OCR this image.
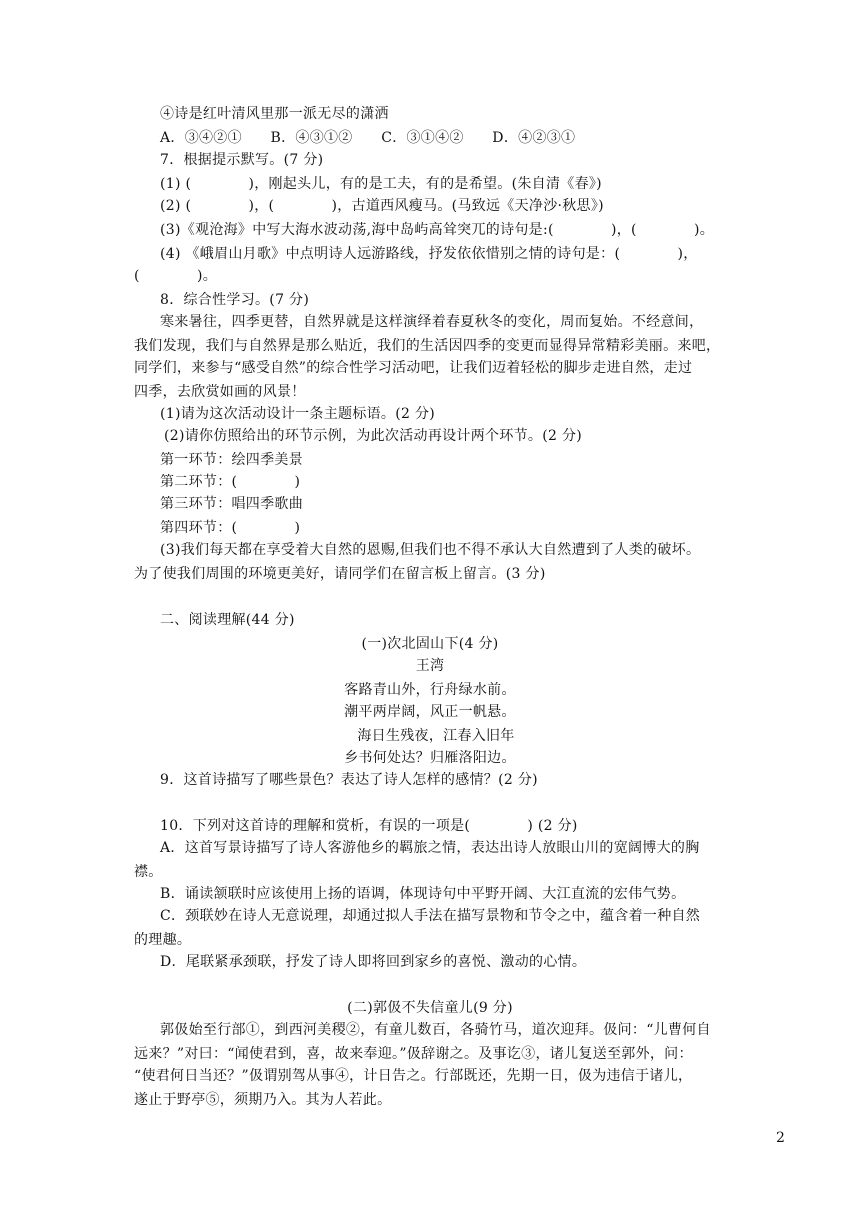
④诗是红叶清风里那一派无尽的潇洒
A．③④②①　　B．④③①②　　C．③①④②　　D．④②③①
7．根据提示默写。(7 分)
(1) (　　　　)，刚起头儿，有的是工夫，有的是希望。(朱自清《春》)
(2) (　　　　)，(　　　　)，古道西风瘦马。(马致远《天净沙·秋思》)
(3)《观沧海》中写大海水波动荡,海中岛屿高耸突兀的诗句是:(　　　　)，(　　　　)。
(4) 《峨眉山月歌》中点明诗人远游路线，抒发依依惜别之情的诗句是：(　　　　)，
(　　　　)。
8．综合性学习。(7 分)
寒来暑往，四季更替，自然界就是这样演绎着春夏秋冬的变化，周而复始。不经意间，
我们发现，我们与自然界是那么贴近，我们的生活因四季的变更而显得异常精彩美丽。来吧，
同学们，来参与“感受自然”的综合性学习活动吧，让我们迈着轻松的脚步走进自然，走过
四季，去欣赏如画的风景！
(1)请为这次活动设计一条主题标语。(2 分)
(2)请你仿照给出的环节示例，为此次活动再设计两个环节。(2 分)
第一环节：绘四季美景
第二环节：(　　　　)
第三环节：唱四季歌曲
第四环节：(　　　　)
(3)我们每天都在享受着大自然的恩赐,但我们也不得不承认大自然遭到了人类的破坏。
为了使我们周围的环境更美好，请同学们在留言板上留言。(3 分)
二、阅读理解(44 分)
(一)次北固山下(4 分)
王湾
客路青山外，行舟绿水前。
潮平两岸阔，风正一帆悬。
海日生残夜，江春入旧年
乡书何处达？归雁洛阳边。
9．这首诗描写了哪些景色？表达了诗人怎样的感情？(2 分)
10．下列对这首诗的理解和赏析，有误的一项是(　　　　) (2 分)
A．这首写景诗描写了诗人客游他乡的羁旅之情，表达出诗人放眼山川的宽阔博大的胸
襟。
B．诵读颔联时应该使用上扬的语调，体现诗句中平野开阔、大江直流的宏伟气势。
C．颈联妙在诗人无意说理，却通过拟人手法在描写景物和节令之中，蕴含着一种自然
的理趣。
D．尾联紧承颈联，抒发了诗人即将回到家乡的喜悦、激动的心情。
(二)郭伋不失信童儿(9 分)
郭伋始至行部①，到西河美稷②，有童儿数百，各骑竹马，道次迎拜。伋问：“儿曹何自
远来？”对曰：“闻使君到，喜，故来奉迎。”伋辞谢之。及事讫③，诸儿复送至郭外，问：
“使君何日当还？”伋谓别驾从事④，计日告之。行部既还，先期一日，伋为违信于诸儿，
遂止于野亭⑤，须期乃入。其为人若此。
2
